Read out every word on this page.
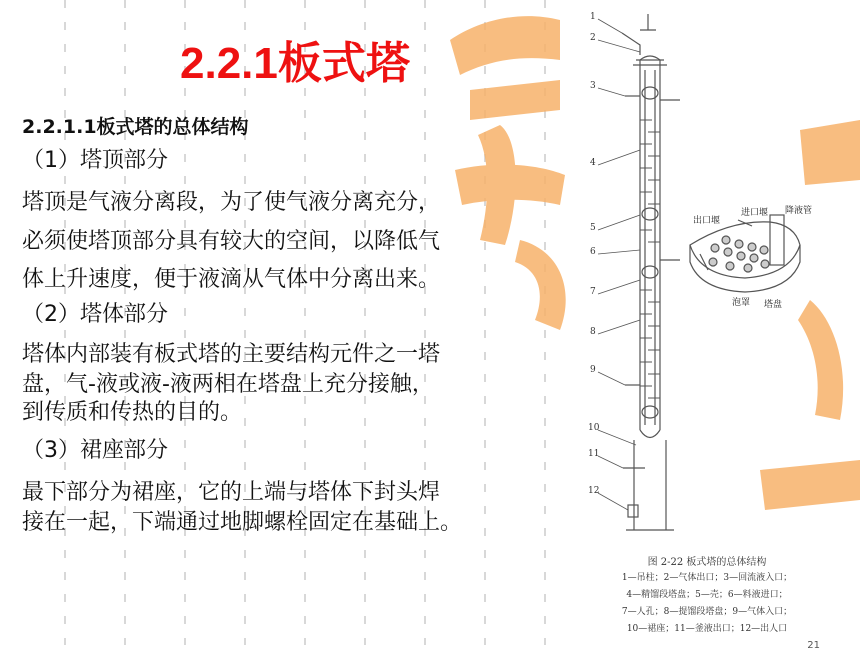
2.2.1板式塔
2.2.1.1板式塔的总体结构
（1）塔顶部分
塔顶是气液分离段，为了使气液分离充分，
必须使塔顶部分具有较大的空间，以降低气
体上升速度，便于液滴从气体中分离出来。
（2）塔体部分
塔体内部装有板式塔的主要结构元件之一塔
盘，气-液或液-液两相在塔盘上充分接触，
到传质和传热的目的。
（3）裙座部分
最下部分为裙座，它的上端与塔体下封头焊
接在一起，下端通过地脚螺栓固定在基础上。
1
2
3
4
5
6
7
8
9
10
11
12
进口堰 降液管
出口堰
泡罩 塔盘
图 2-22 板式塔的总体结构
1—吊柱；2—气体出口；3—回流液入口；
4—精馏段塔盘；5—壳；6—料液进口；
7—人孔；8—提馏段塔盘；9—气体入口；
10—裙座；11—釜液出口；12—出人口
21
